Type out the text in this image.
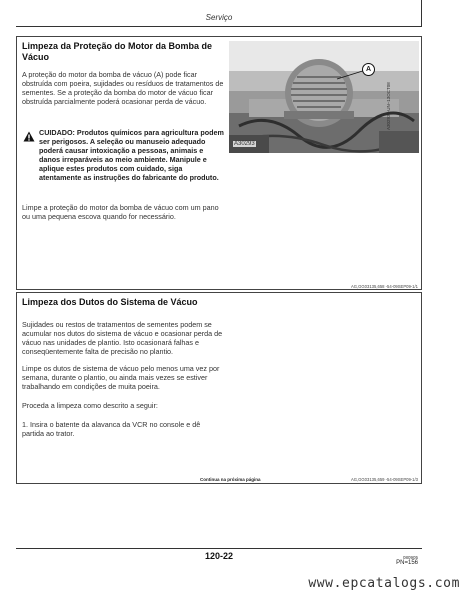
Serviço
Limpeza da Proteção do Motor da Bomba de Vácuo
A proteção do motor da bomba de vácuo (A) pode ficar obstruída com poeira, sujidades ou resíduos de tratamentos de sementes. Se a proteção da bomba do motor de vácuo ficar obstruída parcialmente poderá ocasionar perda de vácuo.
CUIDADO: Produtos químicos para agricultura podem ser perigosos. A seleção ou manuseio adequado poderá causar intoxicação a pessoas, animais e danos irreparáveis ao meio ambiente. Manipule e aplique estes produtos com cuidado, siga atentamente as instruções do fabricante do produto.
Limpe a proteção do motor da bomba de vácuo com um pano ou uma pequena escova quando for necessário.
A
A30293
A30293 –UN–13OCT08
AG,GG03135,658 -54-09SEP09-1/1
Limpeza dos Dutos do Sistema de Vácuo
Sujidades ou restos de tratamentos de sementes podem se acumular nos dutos do sistema de vácuo e ocasionar perda de vácuo nas unidades de plantio. Isto ocasionará falhas e conseqüentemente falta de precisão no plantio.
Limpe os dutos de sistema de vácuo pelo menos uma vez por semana, durante o plantio, ou ainda mais vezes se estiver trabalhando em condições de muita poeira.
Proceda a limpeza como descrito a seguir:
1. Insira o batente da alavanca da VCR no console e dê partida ao trator.
Continua na próxima página	AG,GG03135,659 -54-09SEP09-1/3
120-22	080905
PN=156
www.epcatalogs.com
